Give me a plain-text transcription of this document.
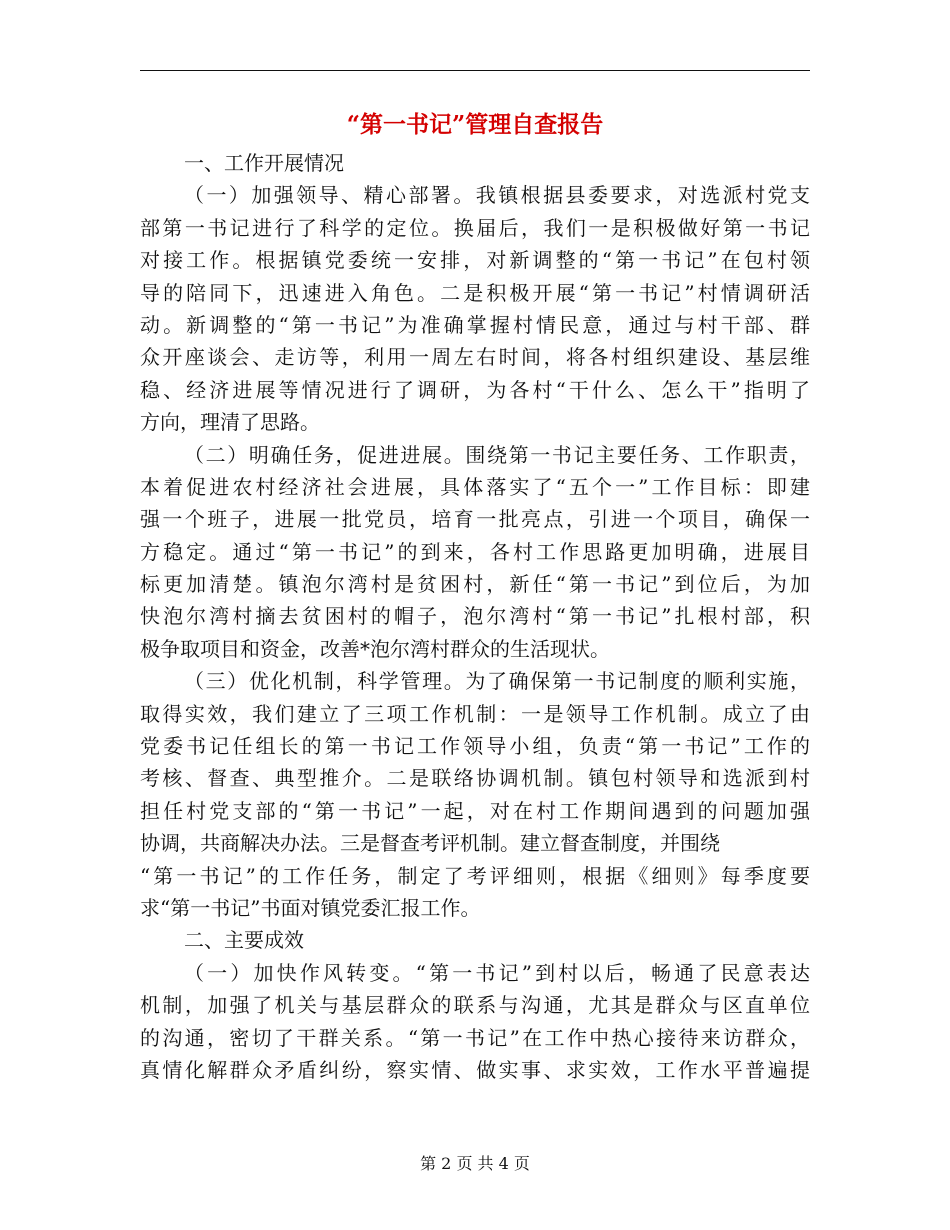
“第一书记”管理自查报告
一、工作开展情况
（一）加强领导、精心部署。我镇根据县委要求，对选派村党支
部第一书记进行了科学的定位。换届后，我们一是积极做好第一书记
对接工作。根据镇党委统一安排，对新调整的“第一书记”在包村领
导的陪同下，迅速进入角色。二是积极开展“第一书记”村情调研活
动。新调整的“第一书记”为准确掌握村情民意，通过与村干部、群
众开座谈会、走访等，利用一周左右时间，将各村组织建设、基层维
稳、经济进展等情况进行了调研，为各村“干什么、怎么干”指明了
方向，理清了思路。
（二）明确任务，促进进展。围绕第一书记主要任务、工作职责，
本着促进农村经济社会进展，具体落实了“五个一”工作目标：即建
强一个班子，进展一批党员，培育一批亮点，引进一个项目，确保一
方稳定。通过“第一书记”的到来，各村工作思路更加明确，进展目
标更加清楚。镇泡尔湾村是贫困村，新任“第一书记”到位后，为加
快泡尔湾村摘去贫困村的帽子，泡尔湾村“第一书记”扎根村部，积
极争取项目和资金，改善*泡尔湾村群众的生活现状。
（三）优化机制，科学管理。为了确保第一书记制度的顺利实施，
取得实效，我们建立了三项工作机制：一是领导工作机制。成立了由
党委书记任组长的第一书记工作领导小组，负责“第一书记”工作的
考核、督查、典型推介。二是联络协调机制。镇包村领导和选派到村
担任村党支部的“第一书记”一起，对在村工作期间遇到的问题加强
协调，共商解决办法。三是督查考评机制。建立督查制度，并围绕
“第一书记”的工作任务，制定了考评细则，根据《细则》每季度要
求“第一书记”书面对镇党委汇报工作。
二、主要成效
（一）加快作风转变。“第一书记”到村以后，畅通了民意表达
机制，加强了机关与基层群众的联系与沟通，尤其是群众与区直单位
的沟通，密切了干群关系。“第一书记”在工作中热心接待来访群众，
真情化解群众矛盾纠纷，察实情、做实事、求实效，工作水平普遍提
第 2 页 共 4 页
